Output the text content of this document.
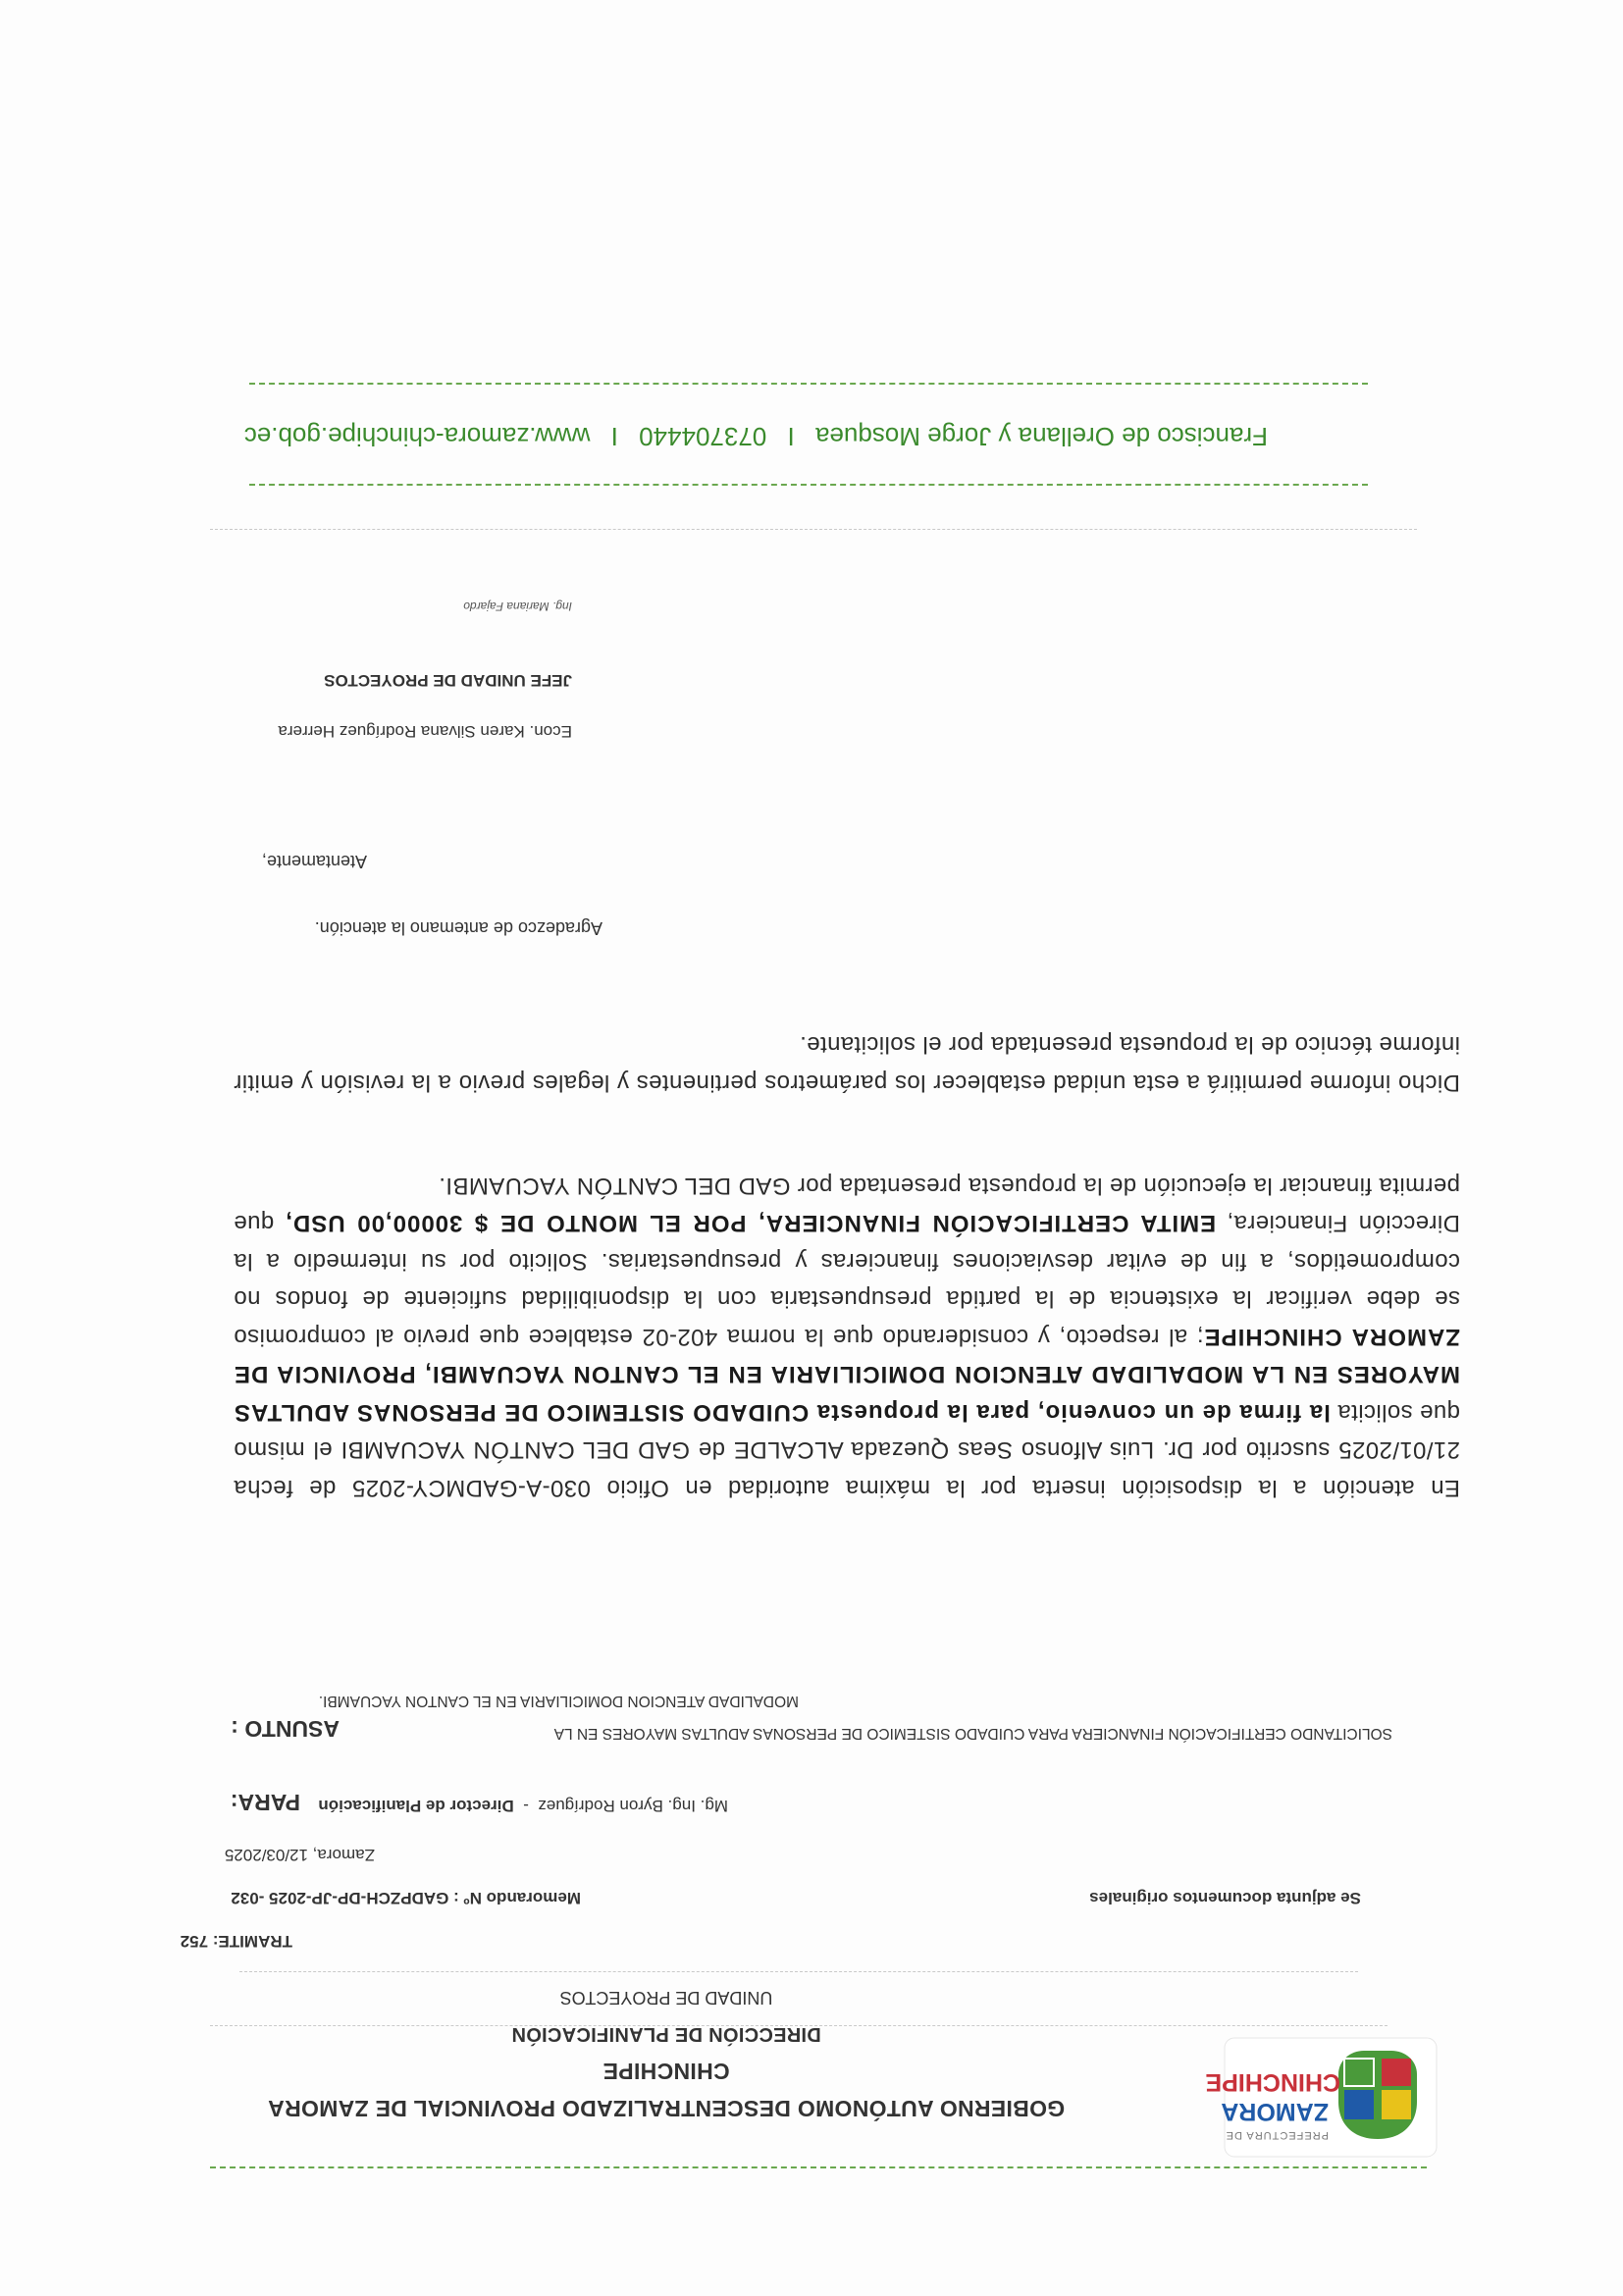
PREFECTURA DE
ZAMORA
CHINCHIPE
GOBIERNO AUTÓNOMO DESCENTRALIZADO PROVINCIAL DE ZAMORA
CHINCHIPE
DIRECCIÓN DE PLANIFICACIÓN
UNIDAD DE PROYECTOS
TRAMITE: 752
Memorando Nº : GADPZCH-DP-JP-2025 -032	Se adjunta documentos originales
Zamora, 12/03/2025
PARA:	Mg. Ing. Byron Rodríguez  -  Director de Planificación
ASUNTO :	SOLICITANDO CERTIFICACIÓN FINANCIERA PARA CUIDADO SISTEMICO DE PERSONAS ADULTAS MAYORES EN LA
MODALIDAD ATENCION DOMICILIARIA EN EL CANTON YACUAMBI.

En atención a la disposición inserta por la máxima autoridad en Oficio 030-A-GADMCY-2025 de fecha 21/01/2025 suscrito por Dr. Luis Alfonso Seas Quezada ALCALDE de GAD DEL CANTÓN YACUAMBI el mismo que solicita la firma de un convenio, para la propuesta CUIDADO SISTEMICO DE PERSONAS ADULTAS MAYORES EN LA MODALIDAD ATENCION DOMICILIARIA EN EL CANTON YACUAMBI, PROVINCIA DE ZAMORA CHINCHIPE; al respecto, y considerando que la norma 402-02 establece que previo al compromiso se debe verificar la existencia de la partida presupuestaria con la disponibilidad suficiente de fondos no comprometidos, a fin de evitar desviaciones financieras y presupuestarias. Solicito por su intermedio a la Dirección Financiera, EMITA CERTIFICACIÓN FINANCIERA, POR EL MONTO DE $ 30000,00 USD, que permita financiar la ejecución de la propuesta presentada por GAD DEL CANTÓN YACUAMBI.

Dicho informe permitirá a esta unidad establecer los parámetros pertinentes y legales previo a la revisión y emitir informe técnico de la propuesta presentada por el solicitante.
Agradezco de antemano la atención.
Atentamente,
Econ. Karen Silvana Rodríguez Herrera
JEFE UNIDAD DE PROYECTOS
Ing. Mariana Fajardo
Francisco de Orellana y Jorge Mosquea I 073704440 I www.zamora-chinchipe.gob.ec
